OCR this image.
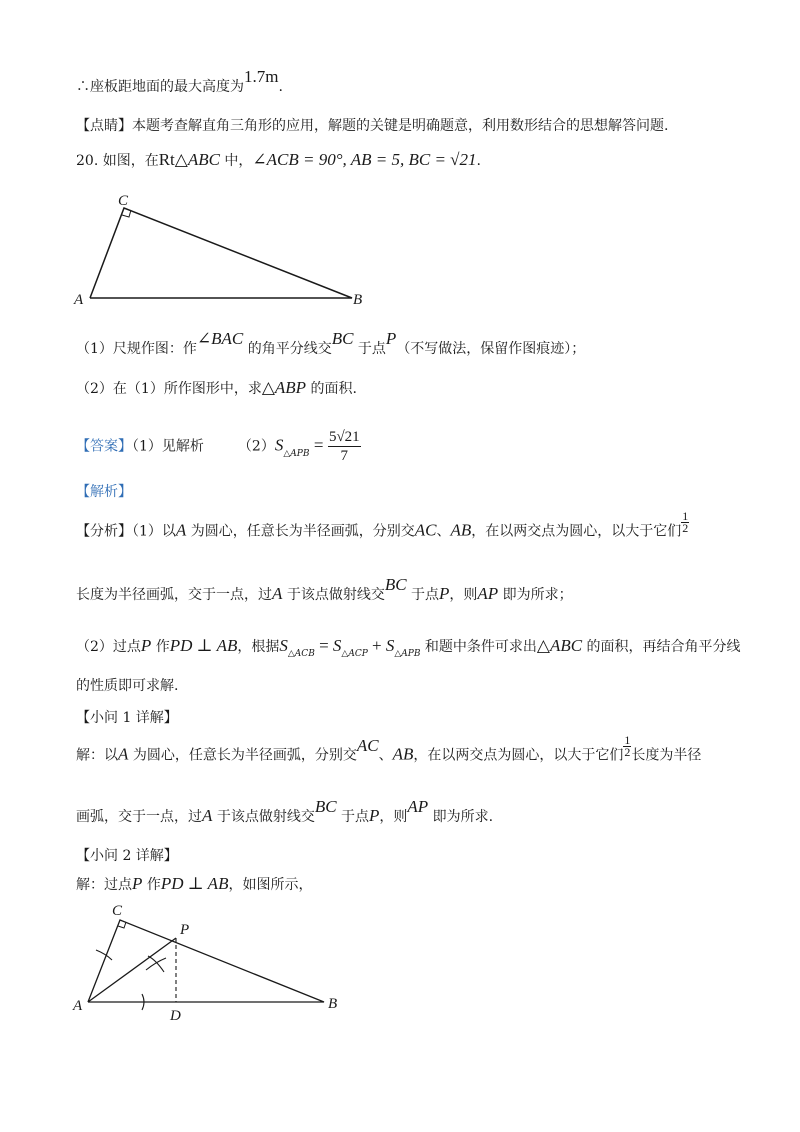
∴座板距地面的最大高度为1.7m.
【点睛】本题考查解直角三角形的应用，解题的关键是明确题意，利用数形结合的思想解答问题.
20. 如图，在Rt△ABC 中，∠ACB = 90°, AB = 5, BC = √21.
C
A	B
（1）尺规作图：作∠BAC 的角平分线交BC 于点P（不写做法，保留作图痕迹）；
（2）在（1）所作图形中，求△ABP 的面积.
【答案】（1）见解析 $(2)S_{\triangle APB} = \frac{5√21}{7}$
【解析】
【分析】（1）以A 为圆心，任意长为半径画弧，分别交AC、AB，在以两交点为圆心，以大于它们 $\frac{1}{2}$
长度为半径画弧，交于一点，过A 于该点做射线交BC 于点P，则AP 即为所求；
（2）过点P 作PD ⊥ AB，根据$S_{\triangle ACB} = S_{\triangle ACP} + S_{\triangle APB}$ 和题中条件可求出△ABC 的面积，再结合角平分线
的性质即可求解.
【小问 1 详解】
解：以A 为圆心，任意长为半径画弧，分别交AC、AB，在以两交点为圆心，以大于它们 $\frac{1}{2}$ 长度为半径
画弧，交于一点，过A 于该点做射线交BC 于点P，则AP 即为所求.
【小问 2 详解】
解：过点P 作PD ⊥ AB，如图所示，
C
P
A	B
D
